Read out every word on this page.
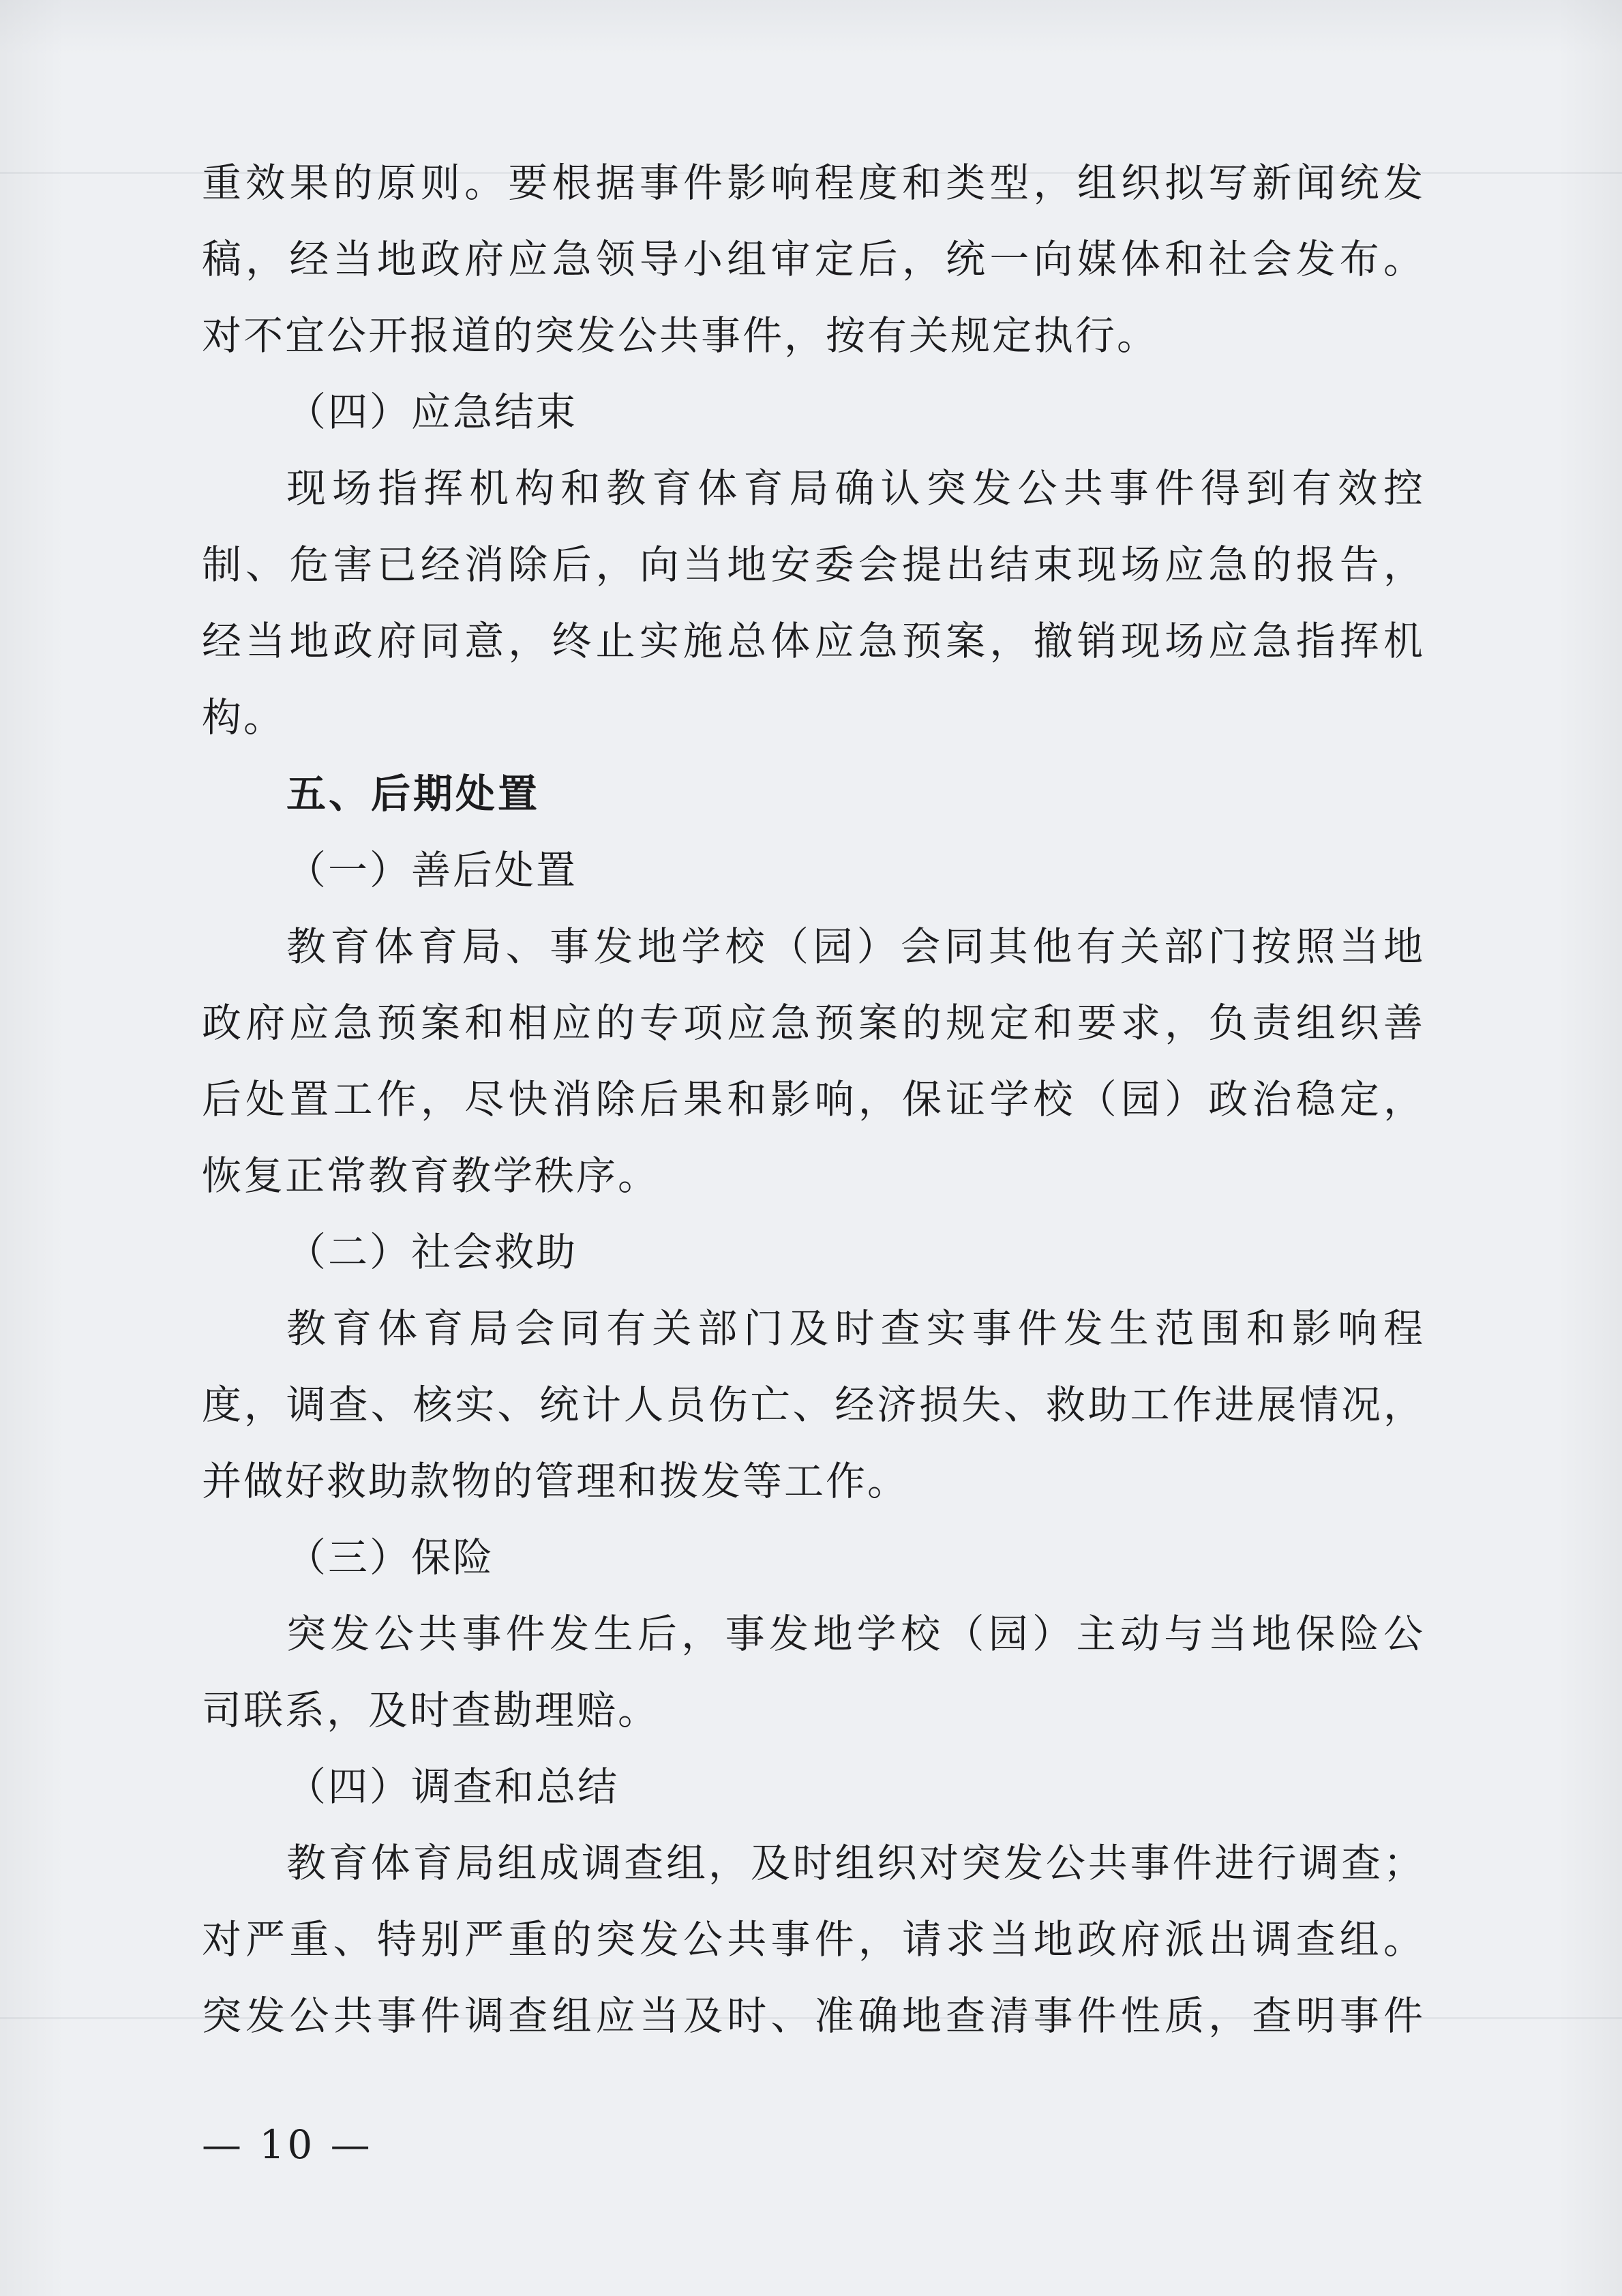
重效果的原则。要根据事件影响程度和类型，组织拟写新闻统发
稿，经当地政府应急领导小组审定后，统一向媒体和社会发布。
对不宜公开报道的突发公共事件，按有关规定执行。
（四）应急结束
现场指挥机构和教育体育局确认突发公共事件得到有效控
制、危害已经消除后，向当地安委会提出结束现场应急的报告，
经当地政府同意，终止实施总体应急预案，撤销现场应急指挥机
构。
五、后期处置
（一）善后处置
教育体育局、事发地学校（园）会同其他有关部门按照当地
政府应急预案和相应的专项应急预案的规定和要求，负责组织善
后处置工作，尽快消除后果和影响，保证学校（园）政治稳定，
恢复正常教育教学秩序。
（二）社会救助
教育体育局会同有关部门及时查实事件发生范围和影响程
度，调查、核实、统计人员伤亡、经济损失、救助工作进展情况，
并做好救助款物的管理和拨发等工作。
（三）保险
突发公共事件发生后，事发地学校（园）主动与当地保险公
司联系，及时查勘理赔。
（四）调查和总结
教育体育局组成调查组，及时组织对突发公共事件进行调查；
对严重、特别严重的突发公共事件，请求当地政府派出调查组。
突发公共事件调查组应当及时、准确地查清事件性质，查明事件
— 10 —
